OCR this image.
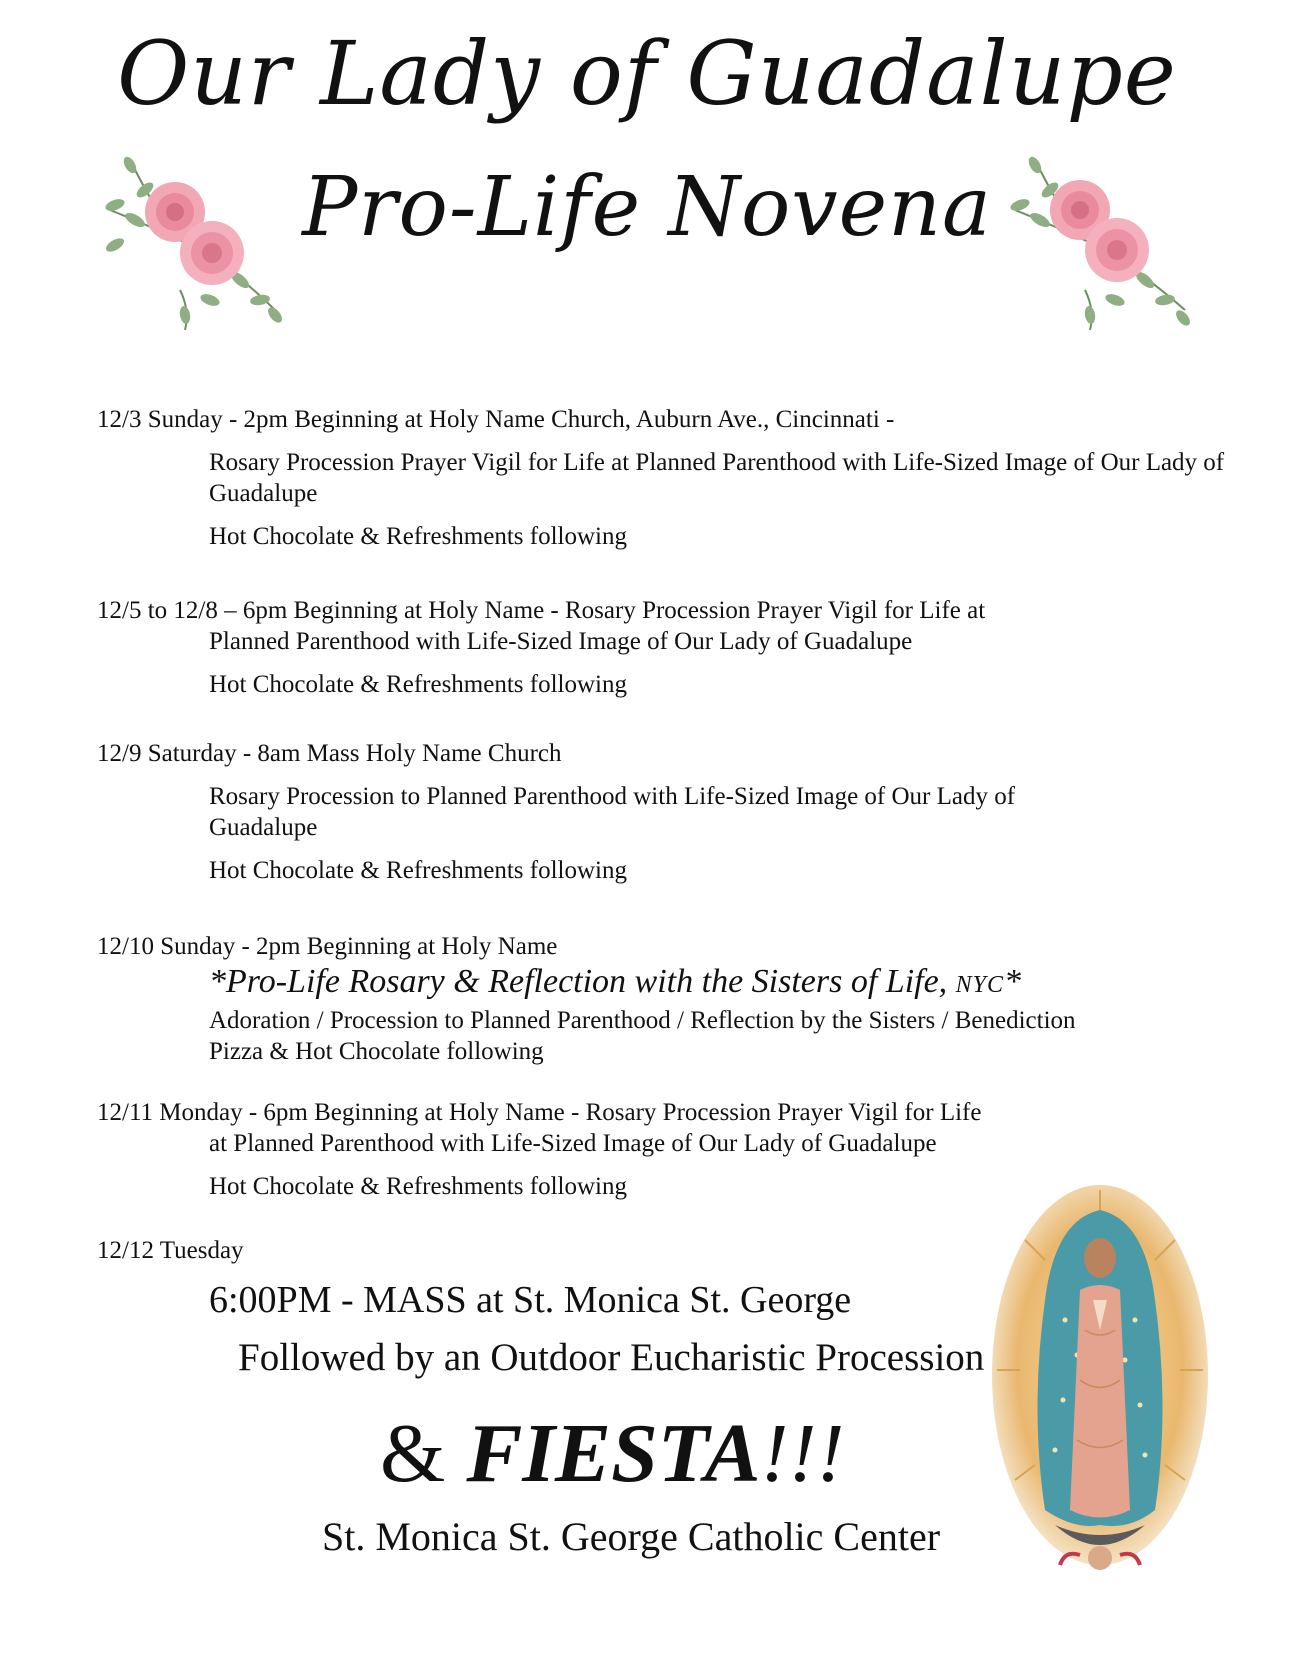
Our Lady of Guadalupe
Pro-Life Novena
12/3 Sunday - 2pm Beginning at Holy Name Church, Auburn Ave., Cincinnati -
Rosary Procession Prayer Vigil for Life at Planned Parenthood with Life-Sized Image of Our Lady of Guadalupe
Hot Chocolate & Refreshments following
12/5 to 12/8 – 6pm Beginning at Holy Name - Rosary Procession Prayer Vigil for Life at
Planned Parenthood with Life-Sized Image of Our Lady of Guadalupe
Hot Chocolate & Refreshments following
12/9 Saturday - 8am Mass Holy Name Church
Rosary Procession to Planned Parenthood with Life-Sized Image of Our Lady of Guadalupe
Hot Chocolate & Refreshments following
12/10 Sunday - 2pm Beginning at Holy Name
*Pro-Life Rosary & Reflection with the Sisters of Life, NYC*
Adoration / Procession to Planned Parenthood / Reflection by the Sisters / Benediction
Pizza & Hot Chocolate following
12/11 Monday - 6pm Beginning at Holy Name - Rosary Procession Prayer Vigil for Life
at Planned Parenthood with Life-Sized Image of Our Lady of Guadalupe
Hot Chocolate & Refreshments following
12/12 Tuesday
6:00PM - MASS at St. Monica St. George
Followed by an Outdoor Eucharistic Procession
& FIESTA!!!
St. Monica St. George Catholic Center
